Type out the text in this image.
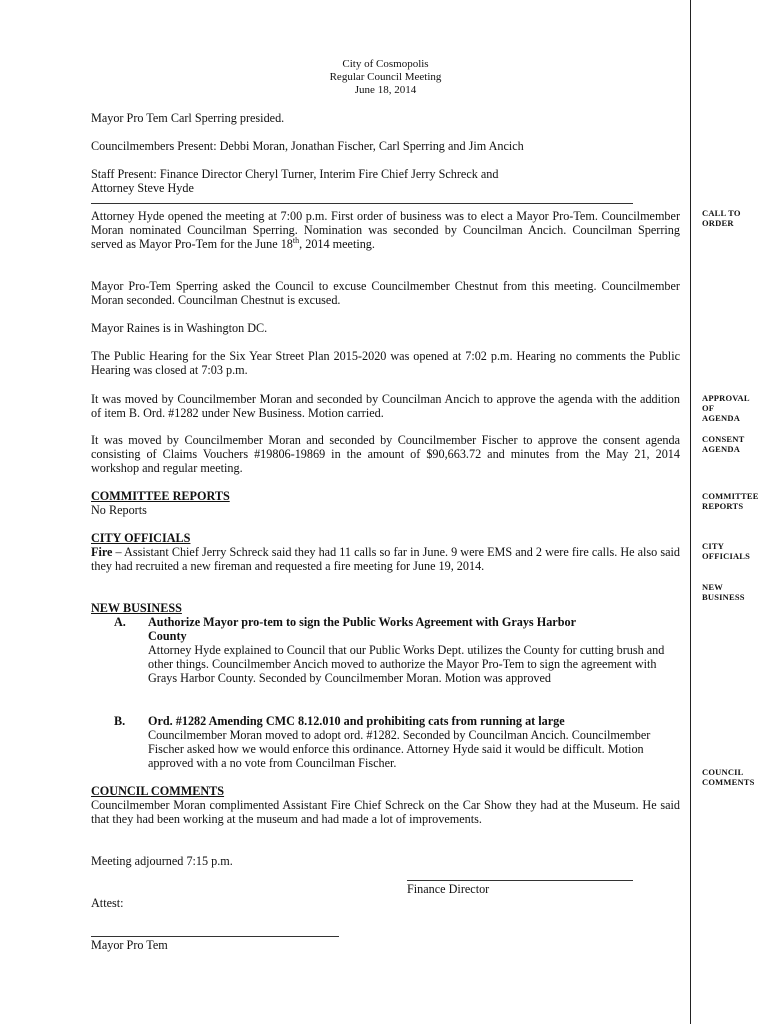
City of Cosmopolis
Regular Council Meeting
June 18, 2014
Mayor Pro Tem Carl Sperring presided.
Councilmembers Present: Debbi Moran, Jonathan Fischer, Carl Sperring and Jim Ancich
Staff Present: Finance Director Cheryl Turner, Interim Fire Chief Jerry Schreck and
Attorney Steve Hyde

Attorney Hyde opened the meeting at 7:00 p.m. First order of business was to elect a Mayor Pro-Tem. Councilmember Moran nominated Councilman Sperring. Nomination was seconded by Councilman Ancich. Councilman Sperring served as Mayor Pro-Tem for the June 18th, 2014 meeting.

Mayor Pro-Tem Sperring asked the Council to excuse Councilmember Chestnut from this meeting. Councilmember Moran seconded. Councilman Chestnut is excused.

Mayor Raines is in Washington DC.

The Public Hearing for the Six Year Street Plan 2015-2020 was opened at 7:02 p.m. Hearing no comments the Public Hearing was closed at 7:03 p.m.

It was moved by Councilmember Moran and seconded by Councilman Ancich to approve the agenda with the addition of item B. Ord. #1282 under New Business. Motion carried.

It was moved by Councilmember Moran and seconded by Councilmember Fischer to approve the consent agenda consisting of Claims Vouchers #19806-19869 in the amount of $90,663.72 and minutes from the May 21, 2014 workshop and regular meeting.

COMMITTEE REPORTS
No Reports
CITY OFFICIALS

Fire – Assistant Chief Jerry Schreck said they had 11 calls so far in June. 9 were EMS and 2 were fire calls. He also said they had recruited a new fireman and requested a fire meeting for June 19, 2014.

NEW BUSINESS
A. Authorize Mayor pro-tem to sign the Public Works Agreement with Grays Harbor
County

Attorney Hyde explained to Council that our Public Works Dept. utilizes the County for cutting brush and other things. Councilmember Ancich moved to authorize the Mayor Pro-Tem to sign the agreement with Grays Harbor County. Seconded by Councilmember Moran. Motion was approved

B. Ord. #1282 Amending CMC 8.12.010 and prohibiting cats from running at large

Councilmember Moran moved to adopt ord. #1282. Seconded by Councilman Ancich. Councilmember Fischer asked how we would enforce this ordinance. Attorney Hyde said it would be difficult. Motion approved with a no vote from Councilman Fischer.

COUNCIL COMMENTS

Councilmember Moran complimented Assistant Fire Chief Schreck on the Car Show they had at the Museum. He said that they had been working at the museum and had made a lot of improvements.

Meeting adjourned 7:15 p.m.
Finance Director
Attest:
Mayor Pro Tem
CALL TO
ORDER
APPROVAL
OF
AGENDA
CONSENT
AGENDA
COMMITTEE
REPORTS
CITY
OFFICIALS
NEW
BUSINESS
COUNCIL
COMMENTS
